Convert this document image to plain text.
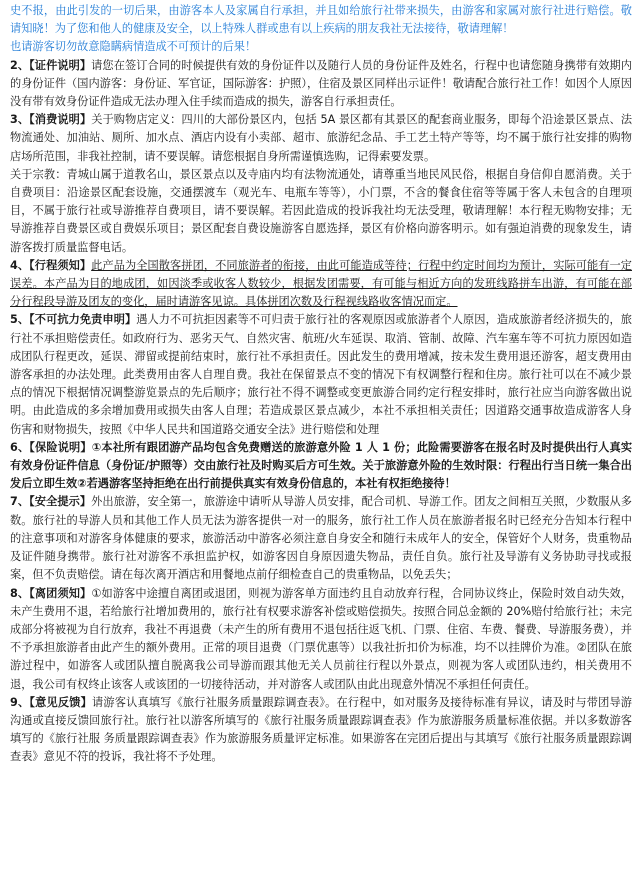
史不报，由此引发的一切后果，由游客本人及家属自行承担，并且如给旅行社带来损失，由游客和家属对旅行社进行赔偿。敬请知晓！为了您和他人的健康及安全，以上特殊人群或患有以上疾病的朋友我社无法接待，敬请理解！

也请游客切勿故意隐瞒病情造成不可预计的后果！

2、【证件说明】请您在签订合同的时候提供有效的身份证件以及随行人员的身份证件及姓名，行程中也请您随身携带有效期内的身份证件（国内游客：身份证、军官证，国际游客：护照），住宿及景区同样出示证件！敬请配合旅行社工作！如因个人原因没有带有效身份证件造成无法办理入住手续而造成的损失，游客自行承担责任。

3、【消费说明】关于购物店定义：四川的大部份景区内，包括 5A 景区都有其景区的配套商业服务，即每个沿途景区景点、法物流通处、加油站、厕所、加水点、酒店内设有小卖部、超市、旅游纪念品、手工艺土特产等等，均不属于旅行社安排的购物店场所范围，非我社控制，请不要误解。请您根据自身所需谨慎选购，记得索要发票。

关于宗教：青城山属于道教名山，景区景点以及寺庙内均有法物流通处，请尊重当地民风民俗，根据自身信仰自愿消费。关于自费项目：沿途景区配套设施，交通摆渡车（观光车、电瓶车等等），小门票，不含的餐食住宿等等属于客人未包含的自理项目，不属于旅行社或导游推荐自费项目，请不要误解。若因此造成的投诉我社均无法受理，敬请理解！本行程无购物安排；无导游推荐自费景区或自费娱乐项目；景区配套自费设施游客自愿选择，景区有价格向游客明示。如有强迫消费的现象发生，请游客拨打质量监督电话。

4、【行程须知】此产品为全国散客拼团，不同旅游者的衔接，由此可能造成等待；行程中约定时间均为预计，实际可能有一定误差。本产品为目的地成团，如因淡季或收客人数较少，根据发团需要，有可能与相近方向的发班线路拼车出游，有可能在部分行程段导游及团友的变化，届时请游客见谅。具体拼团次数及行程视线路收客情况而定。

5、【不可抗力免责申明】遇人力不可抗拒因素等不可归责于旅行社的客观原因或旅游者个人原因，造成旅游者经济损失的，旅行社不承担赔偿责任。如政府行为、恶劣天气、自然灾害、航班/火车延误、取消、管制、故障、汽车塞车等不可抗力原因如造成团队行程更改，延误、滞留或提前结束时，旅行社不承担责任。因此发生的费用增减，按未发生费用退还游客，超支费用由游客承担的办法处理。此类费用由客人自理自费。我社在保留景点不变的情况下有权调整行程和住房。旅行社可以在不减少景点的情况下根据情况调整游览景点的先后顺序；旅行社不得不调整或变更旅游合同约定行程安排时，旅行社应当向游客做出说明。由此造成的多余增加费用或损失由客人自理；若造成景区景点减少，本社不承担相关责任；因道路交通事故造成游客人身伤害和财物损失，按照《中华人民共和国道路交通安全法》进行赔偿和处理

6、【保险说明】①本社所有跟团游产品均包含免费赠送的旅游意外险 1 人 1 份；此险需要游客在报名时及时提供出行人真实有效身份证件信息（身份证/护照等）交由旅行社及时购买后方可生效。关于旅游意外险的生效时限：行程出行当日统一集合出发后立即生效②若遇游客坚持拒绝在出行前提供真实有效身份信息的，本社有权拒绝接待！

7、【安全提示】外出旅游，安全第一，旅游途中请听从导游人员安排，配合司机、导游工作。团友之间相互关照，少数服从多数。旅行社的导游人员和其他工作人员无法为游客提供一对一的服务，旅行社工作人员在旅游者报名时已经充分告知本行程中的注意事项和对游客身体健康的要求，旅游活动中游客必须注意自身安全和随行未成年人的安全，保管好个人财务，贵重物品及证件随身携带。旅行社对游客不承担监护权，如游客因自身原因遗失物品，责任自负。旅行社及导游有义务协助寻找或报案，但不负责赔偿。请在每次离开酒店和用餐地点前仔细检查自己的贵重物品，以免丢失；

8、【离团须知】①如游客中途擅自离团或退团，则视为游客单方面违约且自动放弃行程，合同协议终止，保险时效自动失效，未产生费用不退，若给旅行社增加费用的，旅行社有权要求游客补偿或赔偿损失。按照合同总金额的 20%赔付给旅行社；未完成部分将被视为自行放弃，我社不再退费（未产生的所有费用不退包括往返飞机、门票、住宿、车费、餐费、导游服务费），并不予承担旅游者由此产生的额外费用。正常的项目退费（门票优惠等）以我社折扣价为标准，均不以挂牌价为准。②团队在旅游过程中，如游客人或团队擅自脱离我公司导游而跟其他无关人员前往行程以外景点，则视为客人或团队违约，相关费用不退，我公司有权终止该客人或该团的一切接待活动，并对游客人或团队由此出现意外情况不承担任何责任。

9、【意见反馈】请游客认真填写《旅行社服务质量跟踪调查表》。在行程中，如对服务及接待标准有异议，请及时与带团导游沟通或直接反馈回旅行社。旅行社以游客所填写的《旅行社服务质量跟踪调查表》作为旅游服务质量标准依据。并以多数游客填写的《旅行社服 务质量跟踪调查表》作为旅游服务质量评定标准。如果游客在完团后提出与其填写《旅行社服务质量跟踪调查表》意见不符的投诉，我社将不予处理。
